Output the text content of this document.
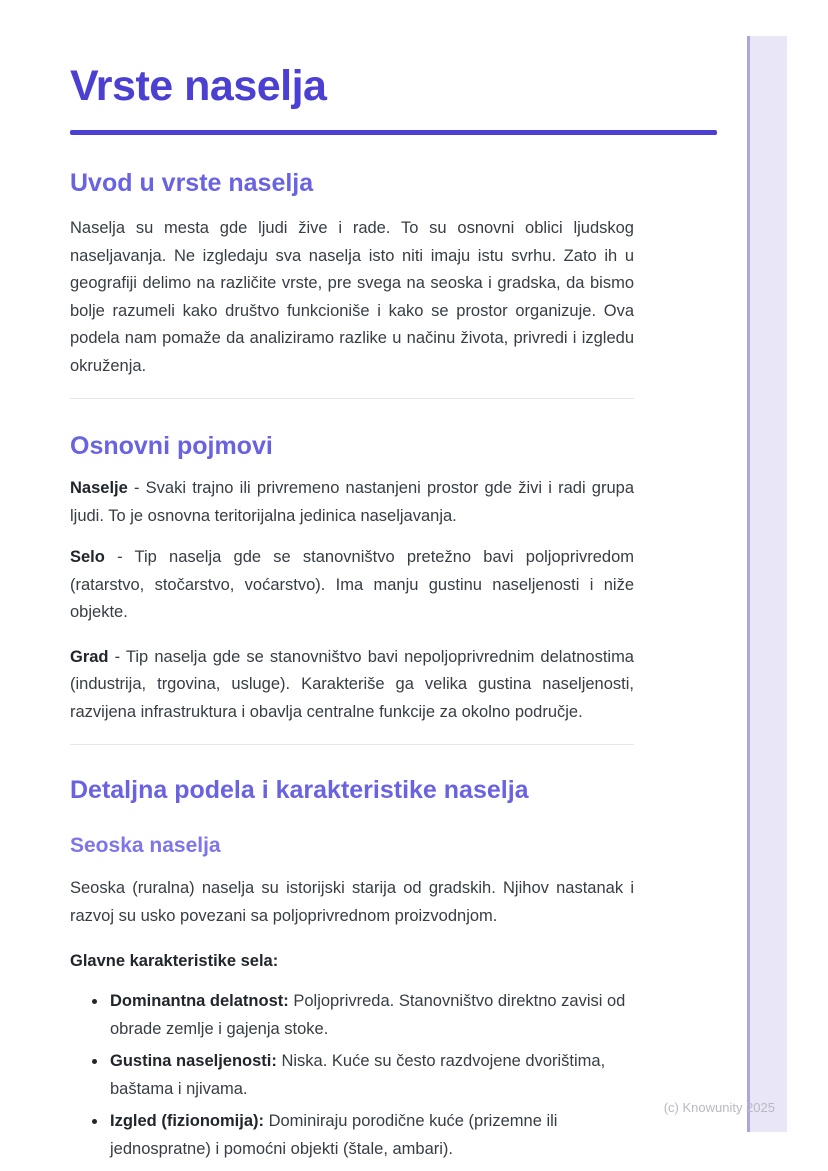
Vrste naselja
Uvod u vrste naselja

Naselja su mesta gde ljudi žive i rade. To su osnovni oblici ljudskog naseljavanja. Ne izgledaju sva naselja isto niti imaju istu svrhu. Zato ih u geografiji delimo na različite vrste, pre svega na seoska i gradska, da bismo bolje razumeli kako društvo funkcioniše i kako se prostor organizuje. Ova podela nam pomaže da analiziramo razlike u načinu života, privredi i izgledu okruženja.

Osnovni pojmovi

Naselje - Svaki trajno ili privremeno nastanjeni prostor gde živi i radi grupa ljudi. To je osnovna teritorijalna jedinica naseljavanja.

Selo - Tip naselja gde se stanovništvo pretežno bavi poljoprivredom (ratarstvo, stočarstvo, voćarstvo). Ima manju gustinu naseljenosti i niže objekte.

Grad - Tip naselja gde se stanovništvo bavi nepoljoprivrednim delatnostima (industrija, trgovina, usluge). Karakteriše ga velika gustina naseljenosti, razvijena infrastruktura i obavlja centralne funkcije za okolno područje.

Detaljna podela i karakteristike naselja
Seoska naselja

Seoska (ruralna) naselja su istorijski starija od gradskih. Njihov nastanak i razvoj su usko povezani sa poljoprivrednom proizvodnjom.

Glavne karakteristike sela:

• Dominantna delatnost: Poljoprivreda. Stanovništvo direktno zavisi od obrade zemlje i gajenja stoke.
• Gustina naseljenosti: Niska. Kuće su često razdvojene dvorištima, baštama i njivama.
• Izgled (fizionomija): Dominiraju porodične kuće (prizemne ili jednospratne) i pomoćni objekti (štale, ambari).
(c) Knowunity 2025
